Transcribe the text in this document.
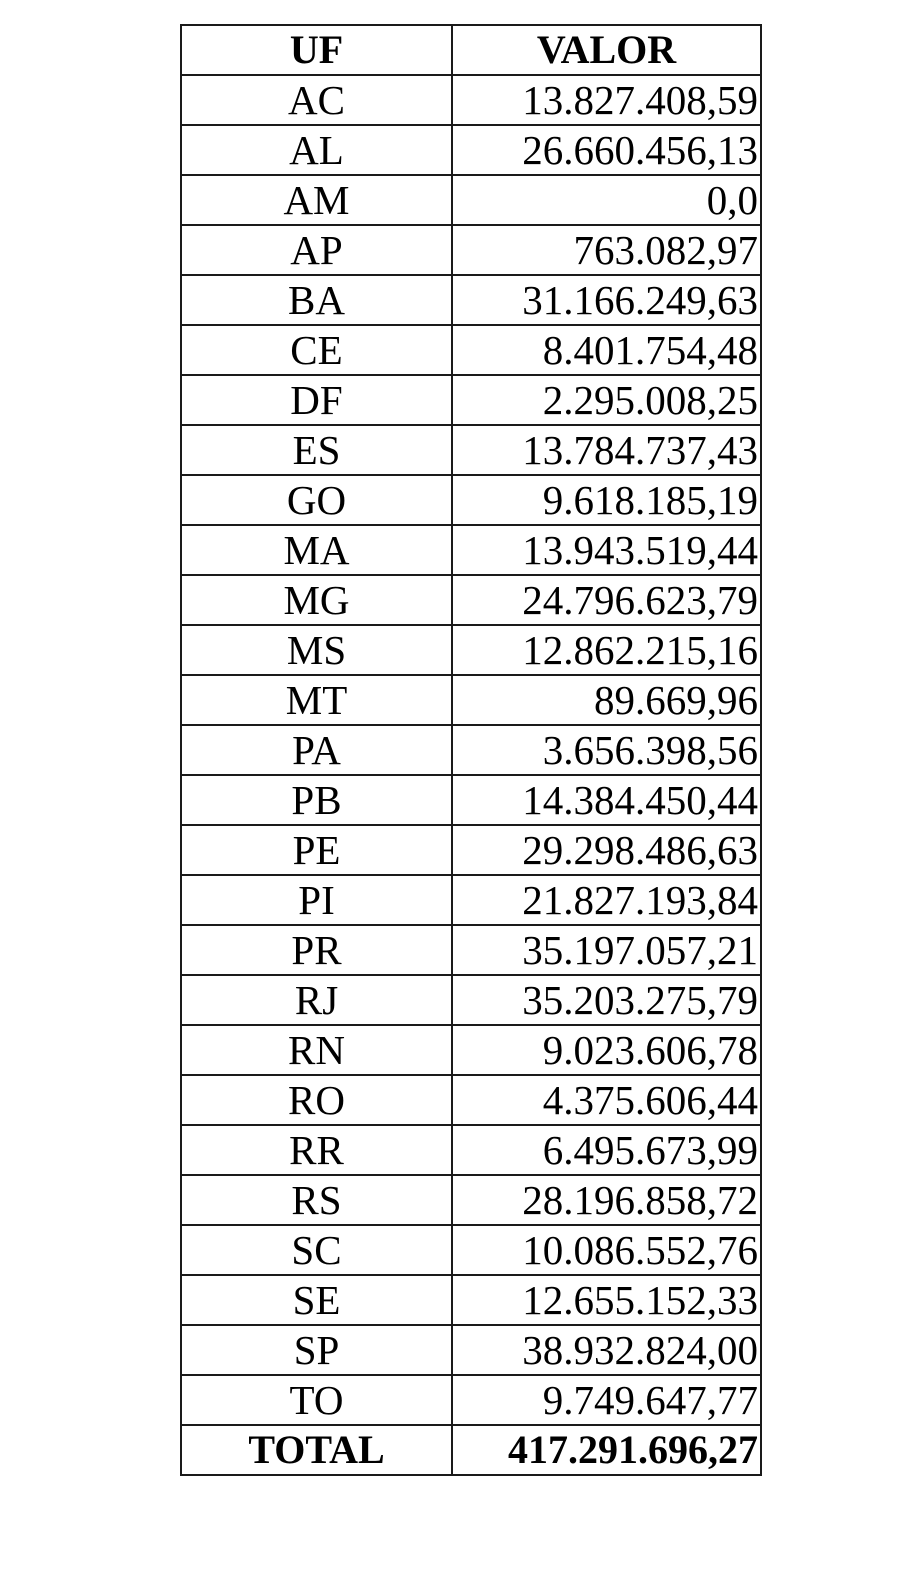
UF	VALOR
AC	13.827.408,59
AL	26.660.456,13
AM	0,0
AP	763.082,97
BA	31.166.249,63
CE	8.401.754,48
DF	2.295.008,25
ES	13.784.737,43
GO	9.618.185,19
MA	13.943.519,44
MG	24.796.623,79
MS	12.862.215,16
MT	89.669,96
PA	3.656.398,56
PB	14.384.450,44
PE	29.298.486,63
PI	21.827.193,84
PR	35.197.057,21
RJ	35.203.275,79
RN	9.023.606,78
RO	4.375.606,44
RR	6.495.673,99
RS	28.196.858,72
SC	10.086.552,76
SE	12.655.152,33
SP	38.932.824,00
TO	9.749.647,77
TOTAL	417.291.696,27
